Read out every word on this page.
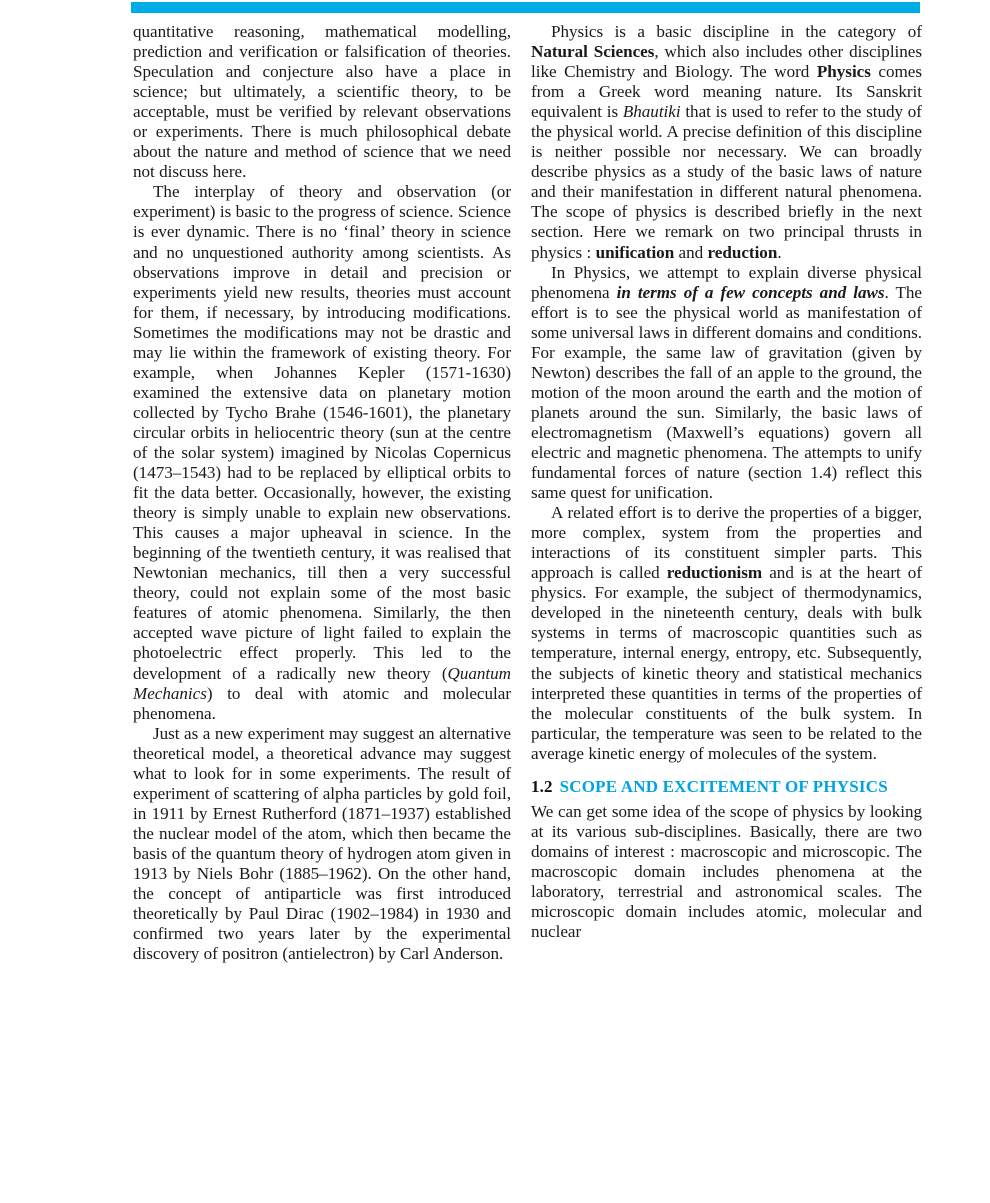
quantitative reasoning, mathematical modelling, prediction and verification or falsification of theories. Speculation and conjecture also have a place in science; but ultimately, a scientific theory, to be acceptable, must be verified by relevant observations or experiments. There is much philosophical debate about the nature and method of science that we need not discuss here.

The interplay of theory and observation (or experiment) is basic to the progress of science. Science is ever dynamic. There is no ‘final’ theory in science and no unquestioned authority among scientists. As observations improve in detail and precision or experiments yield new results, theories must account for them, if necessary, by introducing modifications. Sometimes the modifications may not be drastic and may lie within the framework of existing theory. For example, when Johannes Kepler (1571-1630) examined the extensive data on planetary motion collected by Tycho Brahe (1546-1601), the planetary circular orbits in heliocentric theory (sun at the centre of the solar system) imagined by Nicolas Copernicus (1473–1543) had to be replaced by elliptical orbits to fit the data better. Occasionally, however, the existing theory is simply unable to explain new observations. This causes a major upheaval in science. In the beginning of the twentieth century, it was realised that Newtonian mechanics, till then a very successful theory, could not explain some of the most basic features of atomic phenomena. Similarly, the then accepted wave picture of light failed to explain the photoelectric effect properly. This led to the development of a radically new theory (Quantum Mechanics) to deal with atomic and molecular phenomena.

Just as a new experiment may suggest an alternative theoretical model, a theoretical advance may suggest what to look for in some experiments. The result of experiment of scattering of alpha particles by gold foil, in 1911 by Ernest Rutherford (1871–1937) established the nuclear model of the atom, which then became the basis of the quantum theory of hydrogen atom given in 1913 by Niels Bohr (1885–1962). On the other hand, the concept of antiparticle was first introduced theoretically by Paul Dirac (1902–1984) in 1930 and confirmed two years later by the experimental discovery of positron (antielectron) by Carl Anderson.

Physics is a basic discipline in the category of Natural Sciences, which also includes other disciplines like Chemistry and Biology. The word Physics comes from a Greek word meaning nature. Its Sanskrit equivalent is Bhautiki that is used to refer to the study of the physical world. A precise definition of this discipline is neither possible nor necessary. We can broadly describe physics as a study of the basic laws of nature and their manifestation in different natural phenomena. The scope of physics is described briefly in the next section. Here we remark on two principal thrusts in physics : unification and reduction.

In Physics, we attempt to explain diverse physical phenomena in terms of a few concepts and laws. The effort is to see the physical world as manifestation of some universal laws in different domains and conditions. For example, the same law of gravitation (given by Newton) describes the fall of an apple to the ground, the motion of the moon around the earth and the motion of planets around the sun. Similarly, the basic laws of electromagnetism (Maxwell’s equations) govern all electric and magnetic phenomena. The attempts to unify fundamental forces of nature (section 1.4) reflect this same quest for unification.

A related effort is to derive the properties of a bigger, more complex, system from the properties and interactions of its constituent simpler parts. This approach is called reductionism and is at the heart of physics. For example, the subject of thermodynamics, developed in the nineteenth century, deals with bulk systems in terms of macroscopic quantities such as temperature, internal energy, entropy, etc. Subsequently, the subjects of kinetic theory and statistical mechanics interpreted these quantities in terms of the properties of the molecular constituents of the bulk system. In particular, the temperature was seen to be related to the average kinetic energy of molecules of the system.

1.2 SCOPE AND EXCITEMENT OF PHYSICS

We can get some idea of the scope of physics by looking at its various sub-disciplines. Basically, there are two domains of interest : macroscopic and microscopic. The macroscopic domain includes phenomena at the laboratory, terrestrial and astronomical scales. The microscopic domain includes atomic, molecular and nuclear
